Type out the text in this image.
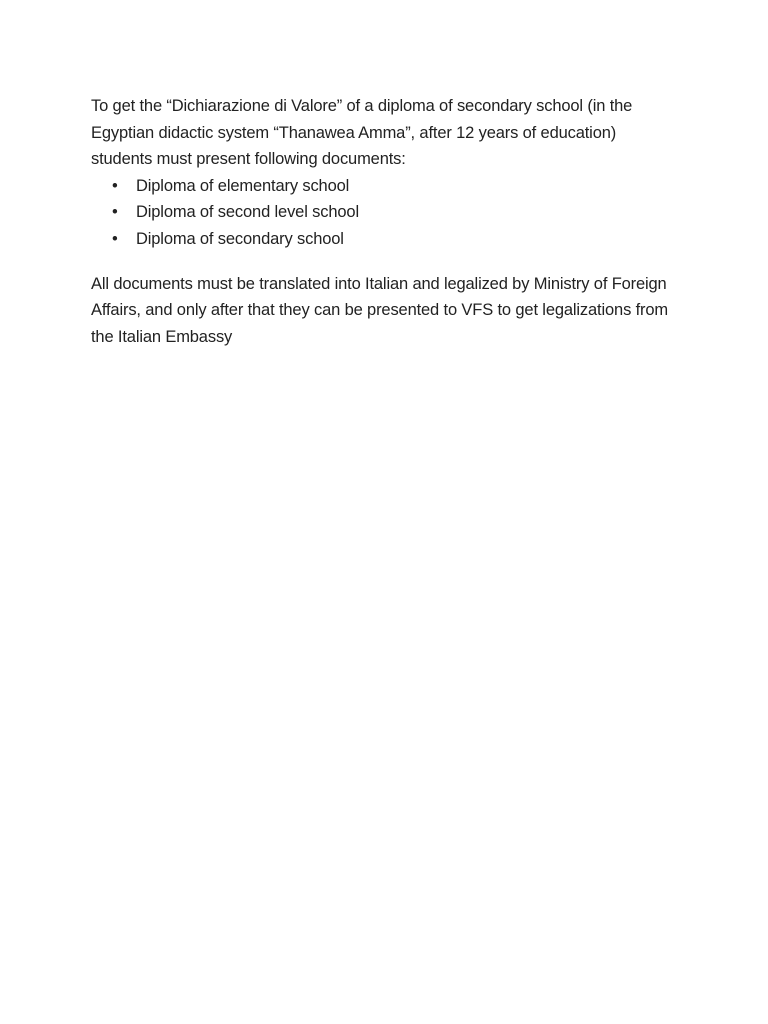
To get the “Dichiarazione di Valore” of a diploma of secondary school (in the Egyptian didactic system “Thanawea Amma”, after 12 years of education) students must present following documents:

• Diploma of elementary school
• Diploma of second level school
• Diploma of secondary school

All documents must be translated into Italian and legalized by Ministry of Foreign Affairs, and only after that they can be presented to VFS to get legalizations from the Italian Embassy
